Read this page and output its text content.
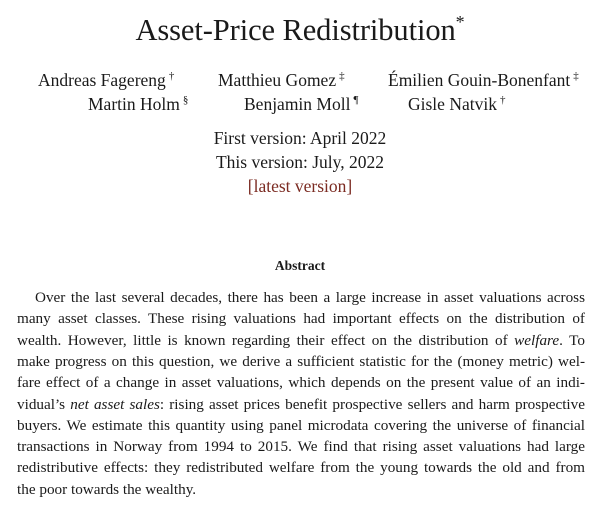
Asset-Price Redistribution*
Andreas Fagereng † Matthieu Gomez ‡ Émilien Gouin-Bonenfant ‡
Martin Holm §	Benjamin Moll ¶	Gisle Natvik †
First version: April 2022
This version: July, 2022
[latest version]
Abstract
Over the last several decades, there has been a large increase in asset valuations across
many asset classes. These rising valuations had important effects on the distribution of
wealth. However, little is known regarding their effect on the distribution of welfare. To
make progress on this question, we derive a sufficient statistic for the (money metric) wel-
fare effect of a change in asset valuations, which depends on the present value of an indi-
vidual’s net asset sales: rising asset prices benefit prospective sellers and harm prospective
buyers. We estimate this quantity using panel microdata covering the universe of financial
transactions in Norway from 1994 to 2015. We find that rising asset valuations had large
redistributive effects: they redistributed welfare from the young towards the old and from
the poor towards the wealthy.
